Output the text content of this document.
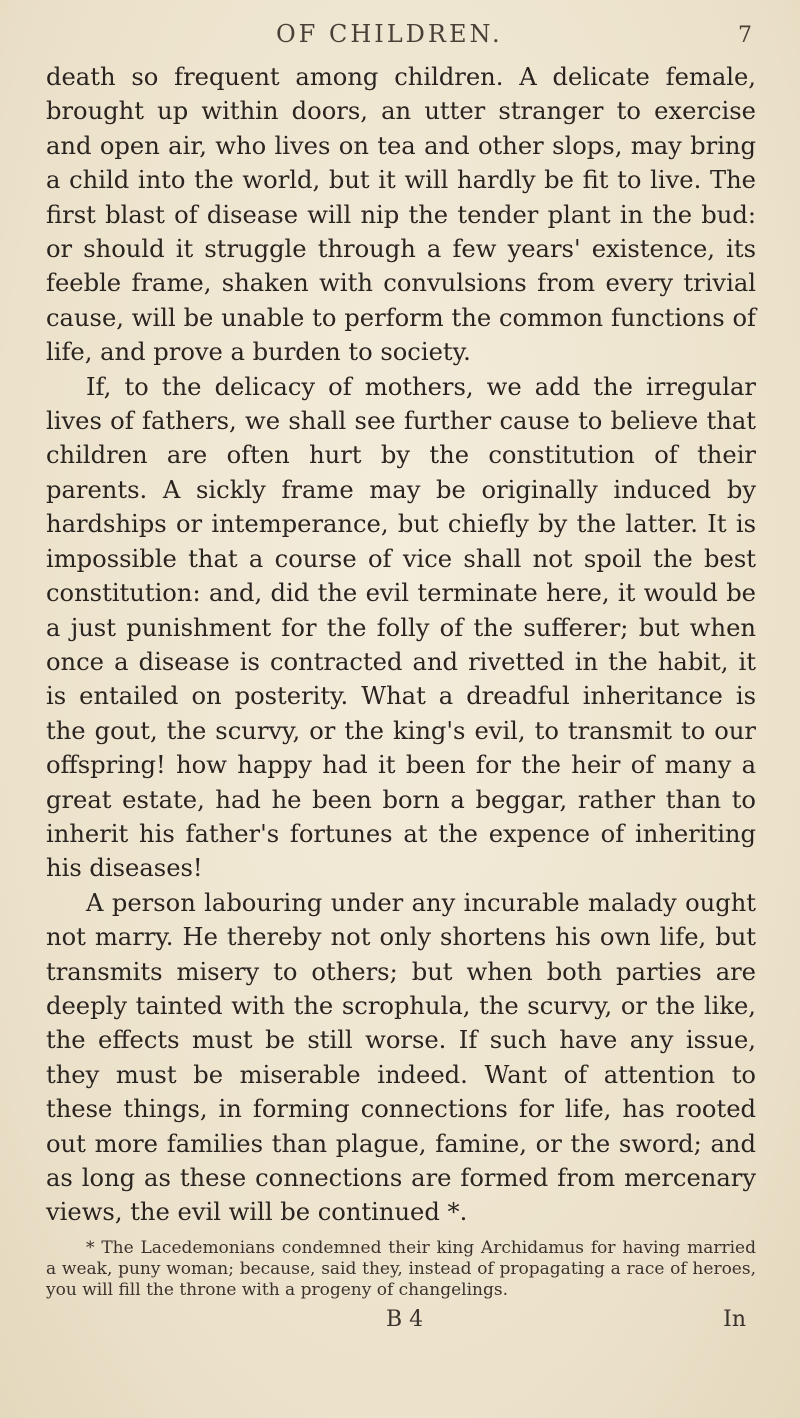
OF CHILDREN.	7

death so frequent among children. A delicate female, brought up within doors, an utter stranger to exercise and open air, who lives on tea and other slops, may bring a child into the world, but it will hardly be fit to live. The first blast of disease will nip the tender plant in the bud: or should it struggle through a few years' existence, its feeble frame, shaken with convulsions from every trivial cause, will be unable to perform the common functions of life, and prove a burden to society.

If, to the delicacy of mothers, we add the irregular lives of fathers, we shall see further cause to believe that children are often hurt by the constitution of their parents. A sickly frame may be originally induced by hardships or intemperance, but chiefly by the latter. It is impossible that a course of vice shall not spoil the best constitution: and, did the evil terminate here, it would be a just punishment for the folly of the sufferer; but when once a disease is contracted and rivetted in the habit, it is entailed on posterity. What a dreadful inheritance is the gout, the scurvy, or the king's evil, to transmit to our offspring! how happy had it been for the heir of many a great estate, had he been born a beggar, rather than to inherit his father's fortunes at the expence of inheriting his diseases!

A person labouring under any incurable malady ought not marry. He thereby not only shortens his own life, but transmits misery to others; but when both parties are deeply tainted with the scrophula, the scurvy, or the like, the effects must be still worse. If such have any issue, they must be miserable indeed. Want of attention to these things, in forming connections for life, has rooted out more families than plague, famine, or the sword; and as long as these connections are formed from mercenary views, the evil will be continued *.

* The Lacedemonians condemned their king Archidamus for having married a weak, puny woman; because, said they, instead of propagating a race of heroes, you will fill the throne with a progeny of changelings.

B 4	In
